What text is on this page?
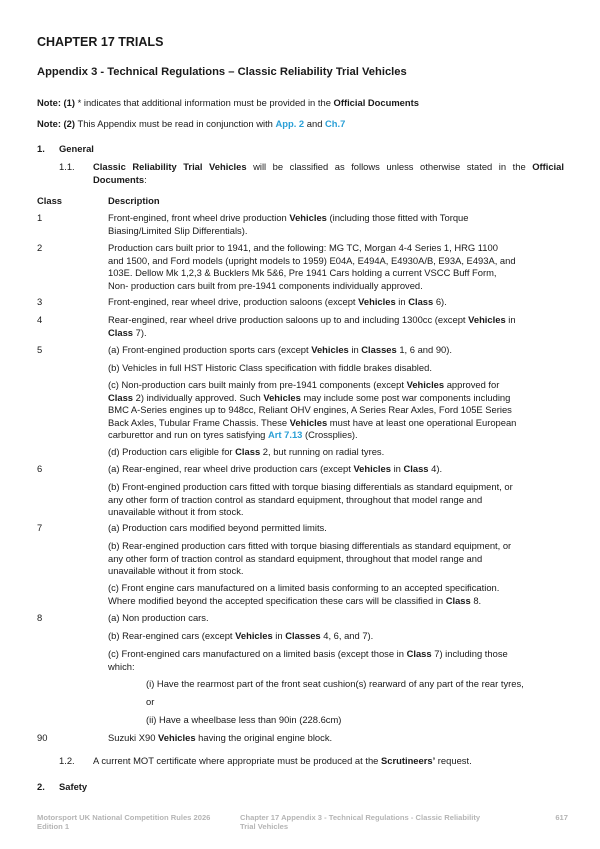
CHAPTER 17 TRIALS
Appendix 3 - Technical Regulations – Classic Reliability Trial Vehicles
Note: (1) * indicates that additional information must be provided in the Official Documents
Note: (2) This Appendix must be read in conjunction with App. 2 and Ch.7
1. General
1.1. Classic Reliability Trial Vehicles will be classified as follows unless otherwise stated in the Official Documents:
Class	Description
1	Front-engined, front wheel drive production Vehicles (including those fitted with Torque
Biasing/Limited Slip Differentials).
2	Production cars built prior to 1941, and the following: MG TC, Morgan 4-4 Series 1, HRG 1100
and 1500, and Ford models (upright models to 1959) E04A, E494A, E4930A/B, E93A, E493A, and
103E. Dellow Mk 1,2,3 & Bucklers Mk 5&6, Pre 1941 Cars holding a current VSCC Buff Form,
Non- production cars built from pre-1941 components individually approved.
3	Front-engined, rear wheel drive, production saloons (except Vehicles in Class 6).
4	Rear-engined, rear wheel drive production saloons up to and including 1300cc (except Vehicles in
Class 7).
5	(a) Front-engined production sports cars (except Vehicles in Classes 1, 6 and 90).
(b) Vehicles in full HST Historic Class specification with fiddle brakes disabled.
(c) Non-production cars built mainly from pre-1941 components (except Vehicles approved for
Class 2) individually approved. Such Vehicles may include some post war components including
BMC A-Series engines up to 948cc, Reliant OHV engines, A Series Rear Axles, Ford 105E Series
Back Axles, Tubular Frame Chassis. These Vehicles must have at least one operational European
carburettor and run on tyres satisfying Art 7.13 (Crossplies).
(d) Production cars eligible for Class 2, but running on radial tyres.
6	(a) Rear-engined, rear wheel drive production cars (except Vehicles in Class 4).
(b) Front-engined production cars fitted with torque biasing differentials as standard equipment, or
any other form of traction control as standard equipment, throughout that model range and
unavailable without it from stock.
7	(a) Production cars modified beyond permitted limits.
(b) Rear-engined production cars fitted with torque biasing differentials as standard equipment, or
any other form of traction control as standard equipment, throughout that model range and
unavailable without it from stock.
(c) Front engine cars manufactured on a limited basis conforming to an accepted specification.
Where modified beyond the accepted specification these cars will be classified in Class 8.
8	(a) Non production cars.
(b) Rear-engined cars (except Vehicles in Classes 4, 6, and 7).
(c) Front-engined cars manufactured on a limited basis (except those in Class 7) including those
which:
(i) Have the rearmost part of the front seat cushion(s) rearward of any part of the rear tyres,
or
(ii) Have a wheelbase less than 90in (228.6cm)
90	Suzuki X90 Vehicles having the original engine block.
1.2. A current MOT certificate where appropriate must be produced at the Scrutineers’ request.
2. Safety
Motorsport UK National Competition Rules 2026
Edition 1
Chapter 17 Appendix 3 - Technical Regulations - Classic Reliability
Trial Vehicles
617
